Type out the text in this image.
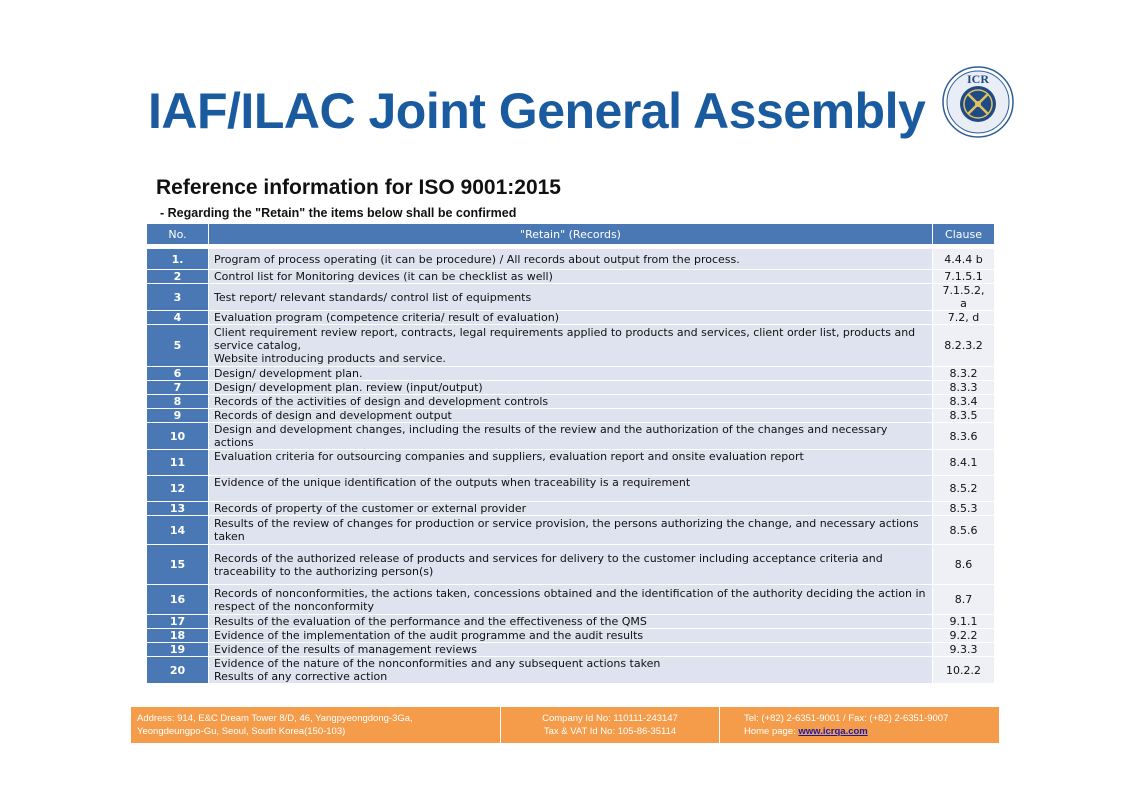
IAF/ILAC Joint General Assembly
ICR
Reference information for ISO 9001:2015
- Regarding the "Retain" the items below shall be confirmed
No.	"Retain" (Records)	Clause

1.	Program of process operating (it can be procedure) / All records about output from the process.	4.4.4 b
2	Control list for Monitoring devices (it can be checklist as well)	7.1.5.1
3	Test report/ relevant standards/ control list of equipments	7.1.5.2, a
4	Evaluation program (competence criteria/ result of evaluation)	7.2, d
5	Client requirement review report, contracts, legal requirements applied to products and services, client order list, products and service catalog,
Website introducing products and service.	8.2.3.2
6	Design/ development plan.	8.3.2
7	Design/ development plan. review (input/output)	8.3.3
8	Records of the activities of design and development controls	8.3.4
9	Records of design and development output	8.3.5
10	Design and development changes, including the results of the review and the authorization of the changes and necessary actions	8.3.6
11	Evaluation criteria for outsourcing companies and suppliers, evaluation report and onsite evaluation report	8.4.1
12	Evidence of the unique identification of the outputs when traceability is a requirement	8.5.2
13	Records of property of the customer or external provider	8.5.3
14	Results of the review of changes for production or service provision, the persons authorizing the change, and necessary actions taken	8.5.6
15	Records of the authorized release of products and services for delivery to the customer including acceptance criteria and traceability to the authorizing person(s)	8.6
16	Records of nonconformities, the actions taken, concessions obtained and the identification of the authority deciding the action in respect of the nonconformity	8.7
17	Results of the evaluation of the performance and the effectiveness of the QMS	9.1.1
18	Evidence of the implementation of the audit programme and the audit results	9.2.2
19	Evidence of the results of management reviews	9.3.3
20	Evidence of the nature of the nonconformities and any subsequent actions taken
Results of any corrective action	10.2.2
Address: 914, E&C Dream Tower 8/D, 46, Yangpyeongdong-3Ga,
Yeongdeungpo-Gu, Seoul, South Korea(150-103)
Company Id No: 110111-243147
Tax & VAT Id No: 105-86-35114
Tel: (+82) 2-6351-9001 / Fax: (+82) 2-6351-9007
Home page: www.icrqa.com
